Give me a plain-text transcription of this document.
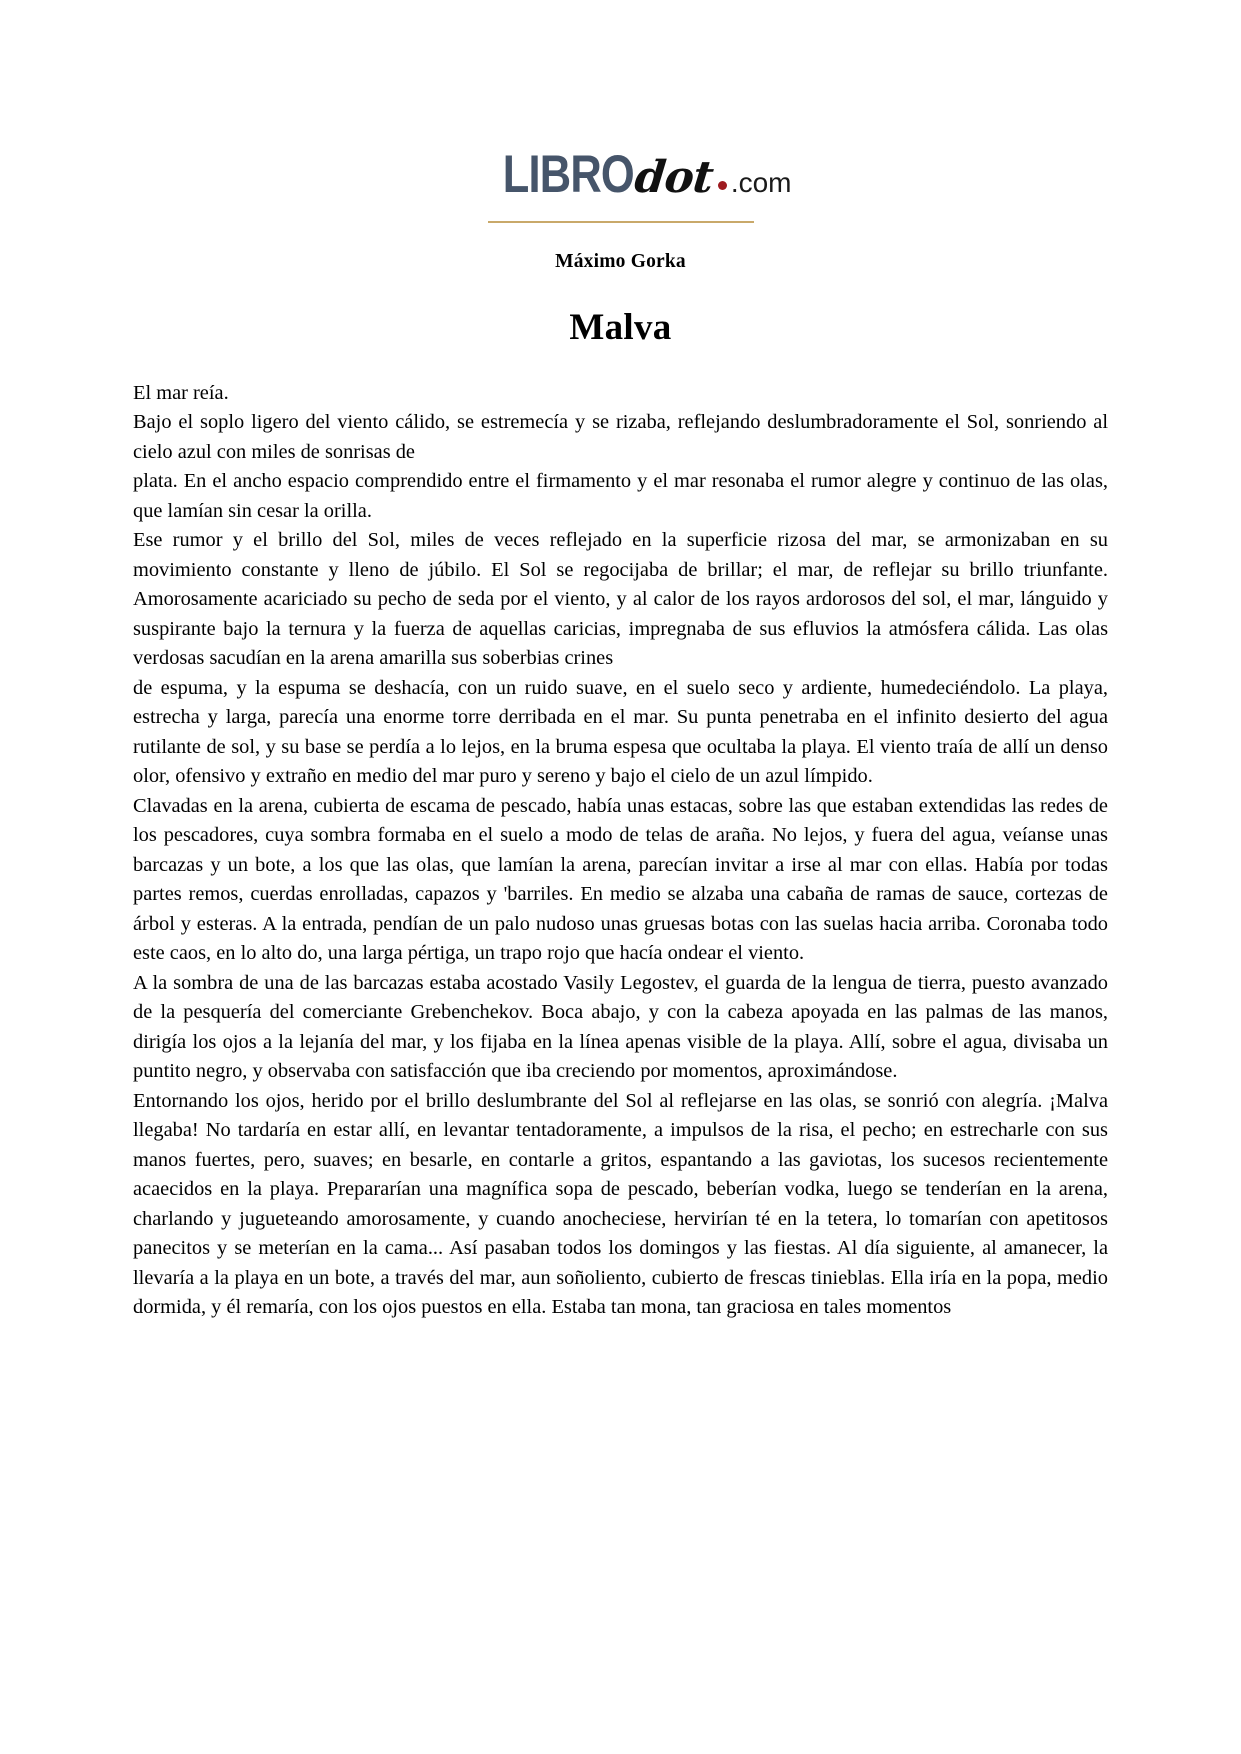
LIBROdot .com
Máximo Gorka
Malva

El mar reía.

Bajo el soplo ligero del viento cálido, se estremecía y se rizaba, reflejando deslumbradoramente el Sol, sonriendo al cielo azul con miles de sonrisas de

plata. En el ancho espacio comprendido entre el firmamento y el mar resonaba el rumor alegre y continuo de las olas, que lamían sin cesar la orilla.

Ese rumor y el brillo del Sol, miles de veces reflejado en la superficie rizosa del mar, se armonizaban en su movimiento constante y lleno de júbilo. El Sol se regocijaba de brillar; el mar, de reflejar su brillo triunfante. Amorosamente acariciado su pecho de seda por el viento, y al calor de los rayos ardorosos del sol, el mar, lánguido y suspirante bajo la ternura y la fuerza de aquellas caricias, impregnaba de sus efluvios la atmósfera cálida. Las olas verdosas sacudían en la arena amarilla sus soberbias crines

de espuma, y la espuma se deshacía, con un ruido suave, en el suelo seco y ardiente, humedeciéndolo. La playa, estrecha y larga, parecía una enorme torre derribada en el mar. Su punta penetraba en el infinito desierto del agua rutilante de sol, y su base se perdía a lo lejos, en la bruma espesa que ocultaba la playa. El viento traía de allí un denso olor, ofensivo y extraño en medio del mar puro y sereno y bajo el cielo de un azul límpido.

Clavadas en la arena, cubierta de escama de pescado, había unas estacas, sobre las que estaban extendidas las redes de los pescadores, cuya sombra formaba en el suelo a modo de telas de araña. No lejos, y fuera del agua, veíanse unas barcazas y un bote, a los que las olas, que lamían la arena, parecían invitar a irse al mar con ellas. Había por todas partes remos, cuerdas enrolladas, capazos y 'barriles. En medio se alzaba una cabaña de ramas de sauce, cortezas de árbol y esteras. A la entrada, pendían de un palo nudoso unas gruesas botas con las suelas hacia arriba. Coronaba todo este caos, en lo alto do, una larga pértiga, un trapo rojo que hacía ondear el viento.

A la sombra de una de las barcazas estaba acostado Vasily Legostev, el guarda de la lengua de tierra, puesto avanzado de la pesquería del comerciante Grebenchekov. Boca abajo, y con la cabeza apoyada en las palmas de las manos, dirigía los ojos a la lejanía del mar, y los fijaba en la línea apenas visible de la playa. Allí, sobre el agua, divisaba un puntito negro, y observaba con satisfacción que iba creciendo por momentos, aproximándose.

Entornando los ojos, herido por el brillo deslumbrante del Sol al reflejarse en las olas, se sonrió con alegría. ¡Malva llegaba! No tardaría en estar allí, en levantar tentadoramente, a impulsos de la risa, el pecho; en estrecharle con sus manos fuertes, pero, suaves; en besarle, en contarle a gritos, espantando a las gaviotas, los sucesos recientemente acaecidos en la playa. Prepararían una magnífica sopa de pescado, beberían vodka, luego se tenderían en la arena, charlando y jugueteando amorosamente, y cuando anocheciese, hervirían té en la tetera, lo tomarían con apetitosos panecitos y se meterían en la cama... Así pasaban todos los domingos y las fiestas. Al día siguiente, al amanecer, la llevaría a la playa en un bote, a través del mar, aun soñoliento, cubierto de frescas tinieblas. Ella iría en la popa, medio dormida, y él remaría, con los ojos puestos en ella. Estaba tan mona, tan graciosa en tales momentos
